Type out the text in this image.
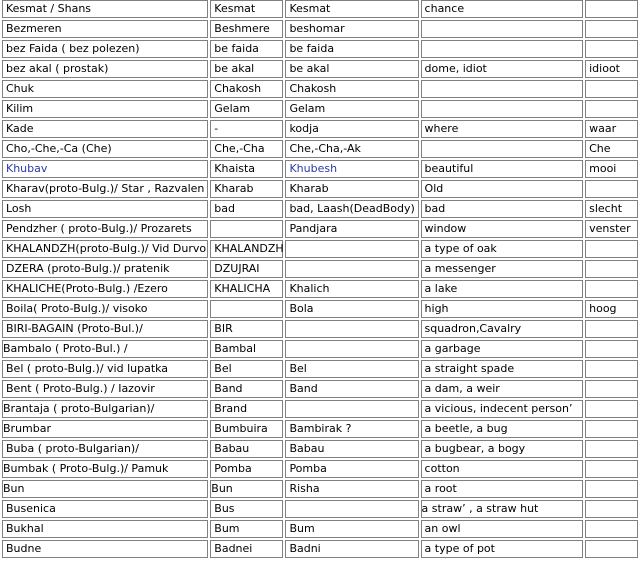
Kesmat / Shans	Kesmat	Kesmat	chance	
Bezmeren	Beshmere	beshomar		
bez Faida ( bez polezen)	be faida	be faida		
bez akal ( prostak)	be akal	be akal	dome, idiot	idioot
Chuk	Chakosh	Chakosh		
Kilim	Gelam	Gelam		
Kade	-	kodja	where	waar
Cho,-Che,-Ca (Che)	Che,-Cha	Che,-Cha,-Ak		Che
Khubav	Khaista	Khubesh	beautiful	mooi
Kharav(proto-Bulg.)/ Star , Razvalen	Kharab	Kharab	Old	
Losh	bad	bad, Laash(DeadBody)	bad	slecht
Pendzher ( proto-Bulg.)/ Prozarets		Pandjara	window	venster
KHALANDZH(proto-Bulg.)/ Vid Durvo	KHALANDZH		a type of oak	
DZERA (proto-Bulg.)/ pratenik	DZUJRAI		a messenger	
KHALICHE(Proto-Bulg.) /Ezero	KHALICHA	Khalich	a lake	
Boila( Proto-Bulg.)/ visoko		Bola	high	hoog
BIRI-BAGAIN (Proto-Bul.)/	BIR		squadron,Cavalry	
Bambalo ( Proto-Bul.) /	Bambal		a garbage	
Bel ( proto-Bulg.)/ vid lupatka	Bel	Bel	a straight spade	
Bent ( Proto-Bulg.) / Iazovir	Band	Band	a dam, a weir	
Brantaja ( proto-Bulgarian)/	Brand		a vicious, indecent person’	
Brumbar	Bumbuira	Bambirak ?	a beetle, a bug	
Buba ( proto-Bulgarian)/	Babau	Babau	a bugbear, a bogy	
Bumbak ( Proto-Bulg.)/ Pamuk	Pomba	Pomba	cotton	
Bun	Bun	Risha	a root	
Busenica	Bus		a straw’ , a straw hut	
Bukhal	Bum	Bum	an owl	
Budne	Badnei	Badni	a type of pot	
